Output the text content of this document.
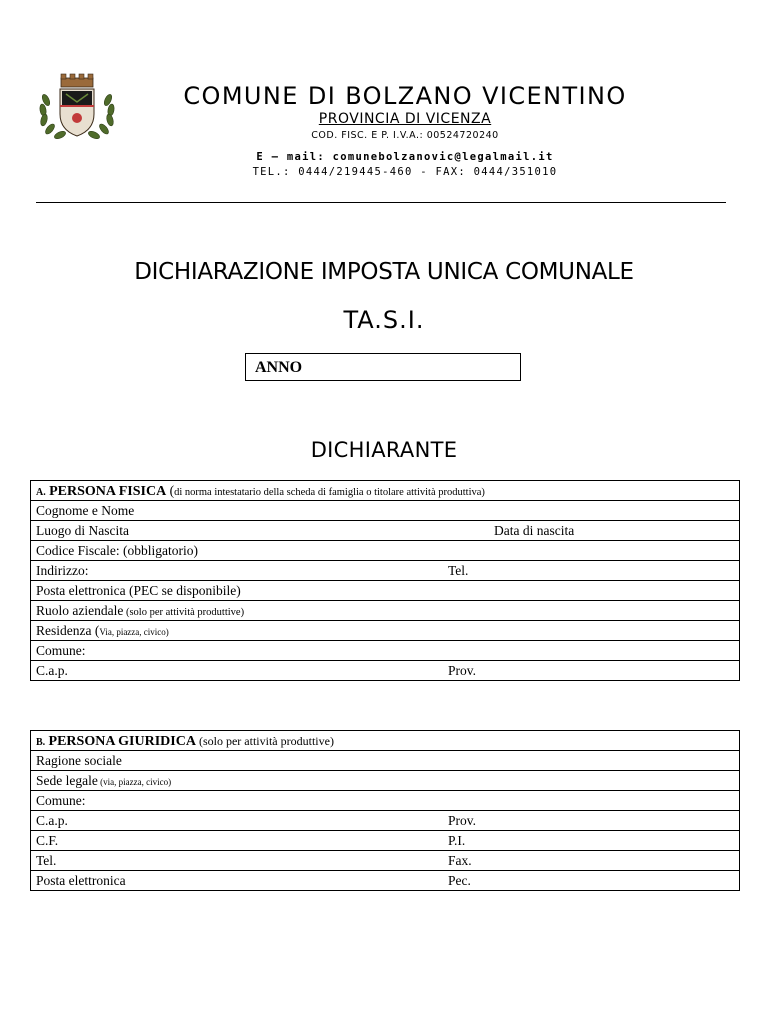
COMUNE DI BOLZANO VICENTINO
PROVINCIA DI VICENZA
COD. FISC. E P. I.V.A.: 00524720240
E – mail: comunebolzanovic@legalmail.it
TEL.: 0444/219445-460 - FAX: 0444/351010
DICHIARAZIONE IMPOSTA UNICA COMUNALE
TA.S.I.
ANNO
DICHIARANTE
A. PERSONA FISICA (di norma intestatario della scheda di famiglia o titolare attività produttiva)
Cognome e Nome
Luogo di Nascita	Data di nascita
Codice Fiscale: (obbligatorio)
Indirizzo:	Tel.
Posta elettronica (PEC se disponibile)
Ruolo aziendale (solo per attività produttive)
Residenza (Via, piazza, civico)
Comune:
C.a.p.	Prov.
B. PERSONA GIURIDICA (solo per attività produttive)
Ragione sociale
Sede legale (via, piazza, civico)
Comune:
C.a.p.	Prov.
C.F.	P.I.
Tel.	Fax.
Posta elettronica	Pec.
